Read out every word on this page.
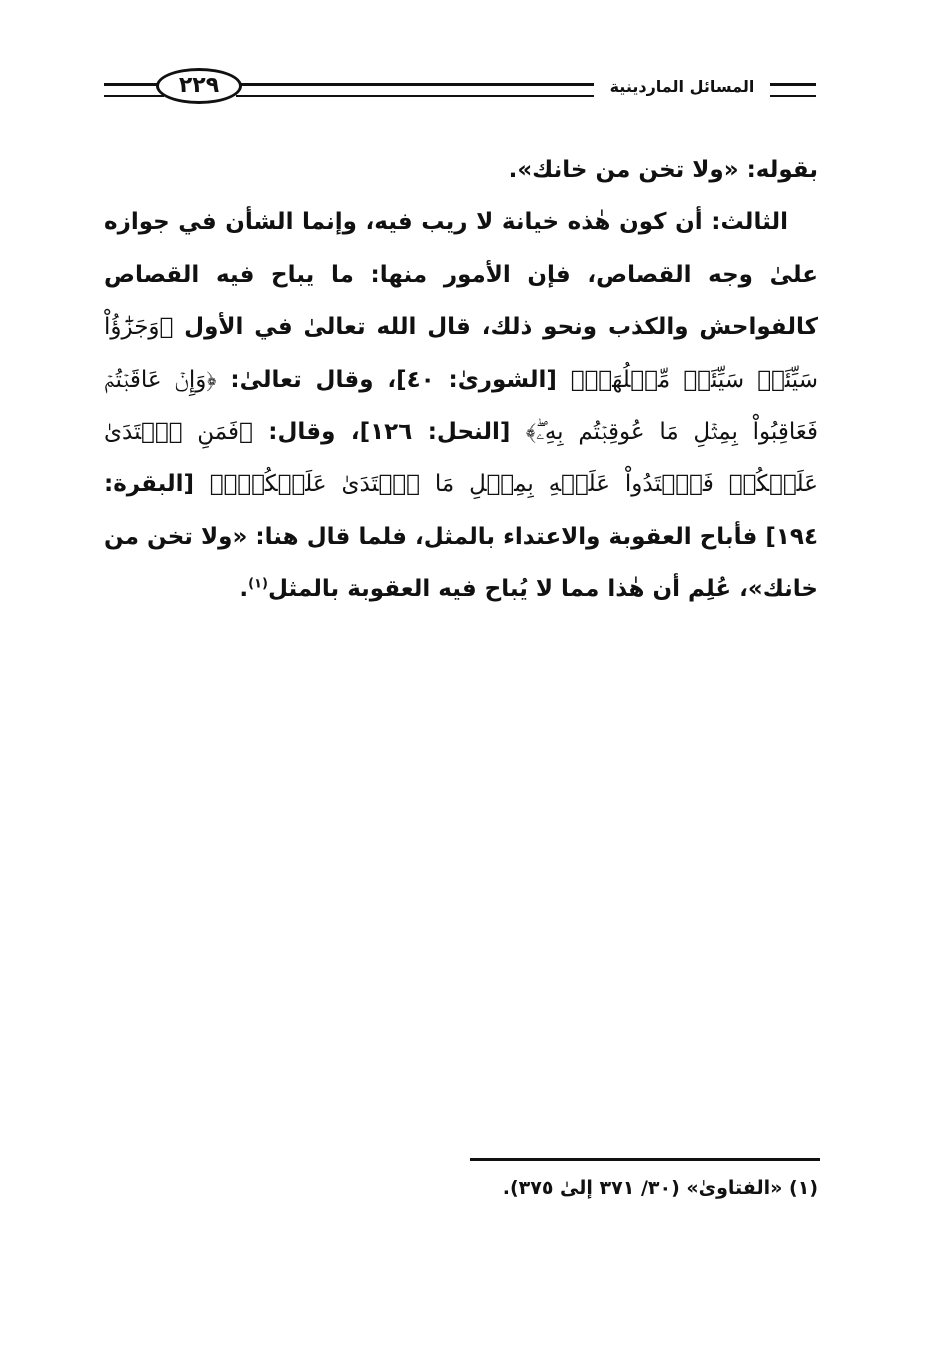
٢٢٩	المسائل الماردينية

بقوله: «ولا تخن من خانك».

الثالث: أن كون هٰذه خيانة لا ريب فيه، وإنما الشأن في جوازه علىٰ وجه القصاص، فإن الأمور منها: ما يباح فيه القصاص كالفواحش والكذب ونحو ذلك، قال الله تعالىٰ في الأول ﴿وَجَزَٰٓؤُاْ سَيِّئَةٖ سَيِّئَةٞ مِّثۡلُهَاۖ﴾ [الشورىٰ: ٤٠]، وقال تعالىٰ: ﴿وَإِنۡ عَاقَبۡتُمۡ فَعَاقِبُواْ بِمِثۡلِ مَا عُوقِبۡتُم بِهِۦۖ﴾ [النحل: ١٢٦]، وقال: ﴿فَمَنِ ٱعۡتَدَىٰ عَلَيۡكُمۡ فَٱعۡتَدُواْ عَلَيۡهِ بِمِثۡلِ مَا ٱعۡتَدَىٰ عَلَيۡكُمۡۚ﴾ [البقرة: ١٩٤] فأباح العقوبة والاعتداء بالمثل، فلما قال هنا: «ولا تخن من خانك»، عُلِم أن هٰذا مما لا يُباح فيه العقوبة بالمثل$^{(١)}$.

(١) «الفتاوىٰ» (٣٠/ ٣٧١ إلىٰ ٣٧٥).
